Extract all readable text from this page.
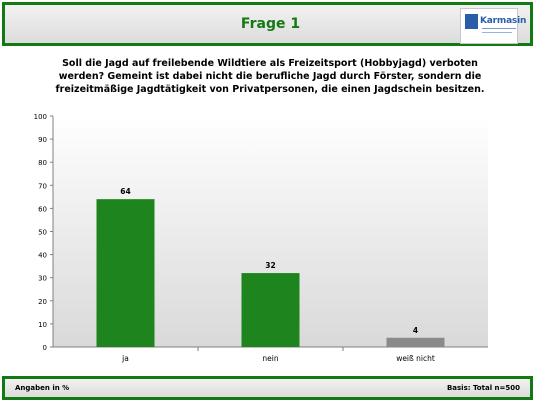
Frage 1	Karmasin
Soll die Jagd auf freilebende Wildtiere als Freizeitsport (Hobbyjagd) verboten werden? Gemeint ist dabei nicht die berufliche Jagd durch Förster, sondern die freizeitmäßige Jagdtätigkeit von Privatpersonen, die einen Jagdschein besitzen.
0
10
20
30
40
50
60
70
80
90
100
64
ja
32
nein
4
weiß nicht
Angaben in %	Basis: Total n=500
